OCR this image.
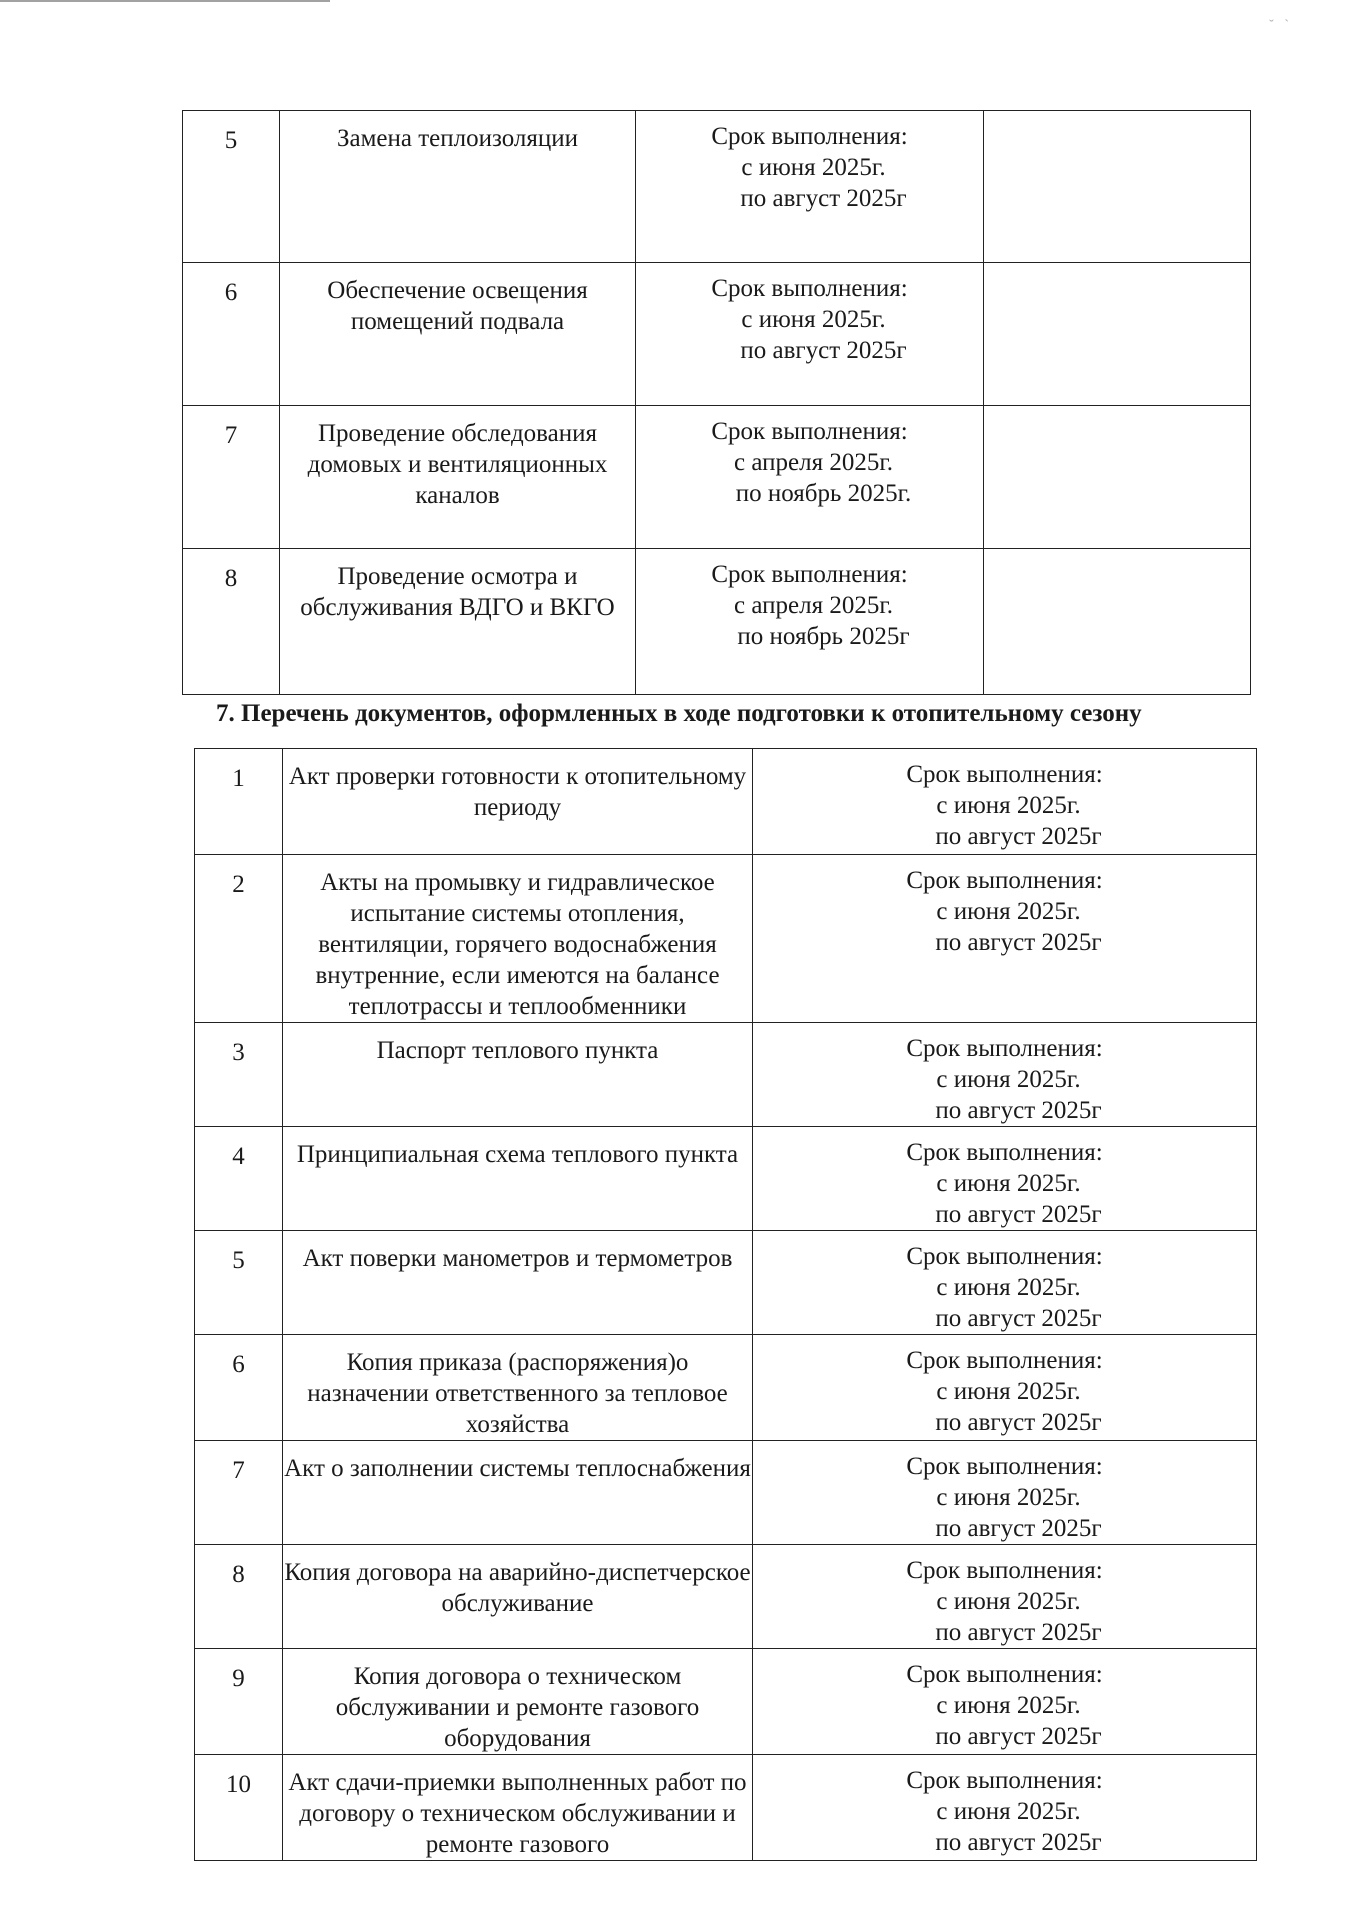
˘   ˋ
5	Замена теплоизоляции	Срок выполнения:
с июня 2025г.
по август 2025г	

6	Обеспечение освещения помещений подвала	Срок выполнения:
с июня 2025г.
по август 2025г	

7	Проведение обследования домовых и вентиляционных каналов	Срок выполнения:
с апреля 2025г.
по ноябрь 2025г.	

8	Проведение осмотра и обслуживания ВДГО и ВКГО	Срок выполнения:
с апреля 2025г.
по ноябрь 2025г	

7. Перечень документов, оформленных в ходе подготовки к отопительному сезону
1	Акт проверки готовности к отопительному периоду	Срок выполнения:
с июня 2025г.
по август 2025г

2	Акты на промывку и гидравлическое испытание системы отопления, вентиляции, горячего водоснабжения внутренние, если имеются на балансе теплотрассы и теплообменники	Срок выполнения:
с июня 2025г.
по август 2025г

3	Паспорт теплового пункта	Срок выполнения:
с июня 2025г.
по август 2025г

4	Принципиальная схема теплового пункта	Срок выполнения:
с июня 2025г.
по август 2025г

5	Акт поверки манометров и термометров	Срок выполнения:
с июня 2025г.
по август 2025г

6	Копия приказа (распоряжения)о назначении ответственного за тепловое хозяйства	Срок выполнения:
с июня 2025г.
по август 2025г

7	Акт о заполнении системы теплоснабжения	Срок выполнения:
с июня 2025г.
по август 2025г

8	Копия договора на аварийно-диспетчерское обслуживание	Срок выполнения:
с июня 2025г.
по август 2025г

9	Копия договора о техническом обслуживании и ремонте газового оборудования	Срок выполнения:
с июня 2025г.
по август 2025г

10	Акт сдачи-приемки выполненных работ по договору о техническом обслуживании и ремонте газового	Срок выполнения:
с июня 2025г.
по август 2025г
